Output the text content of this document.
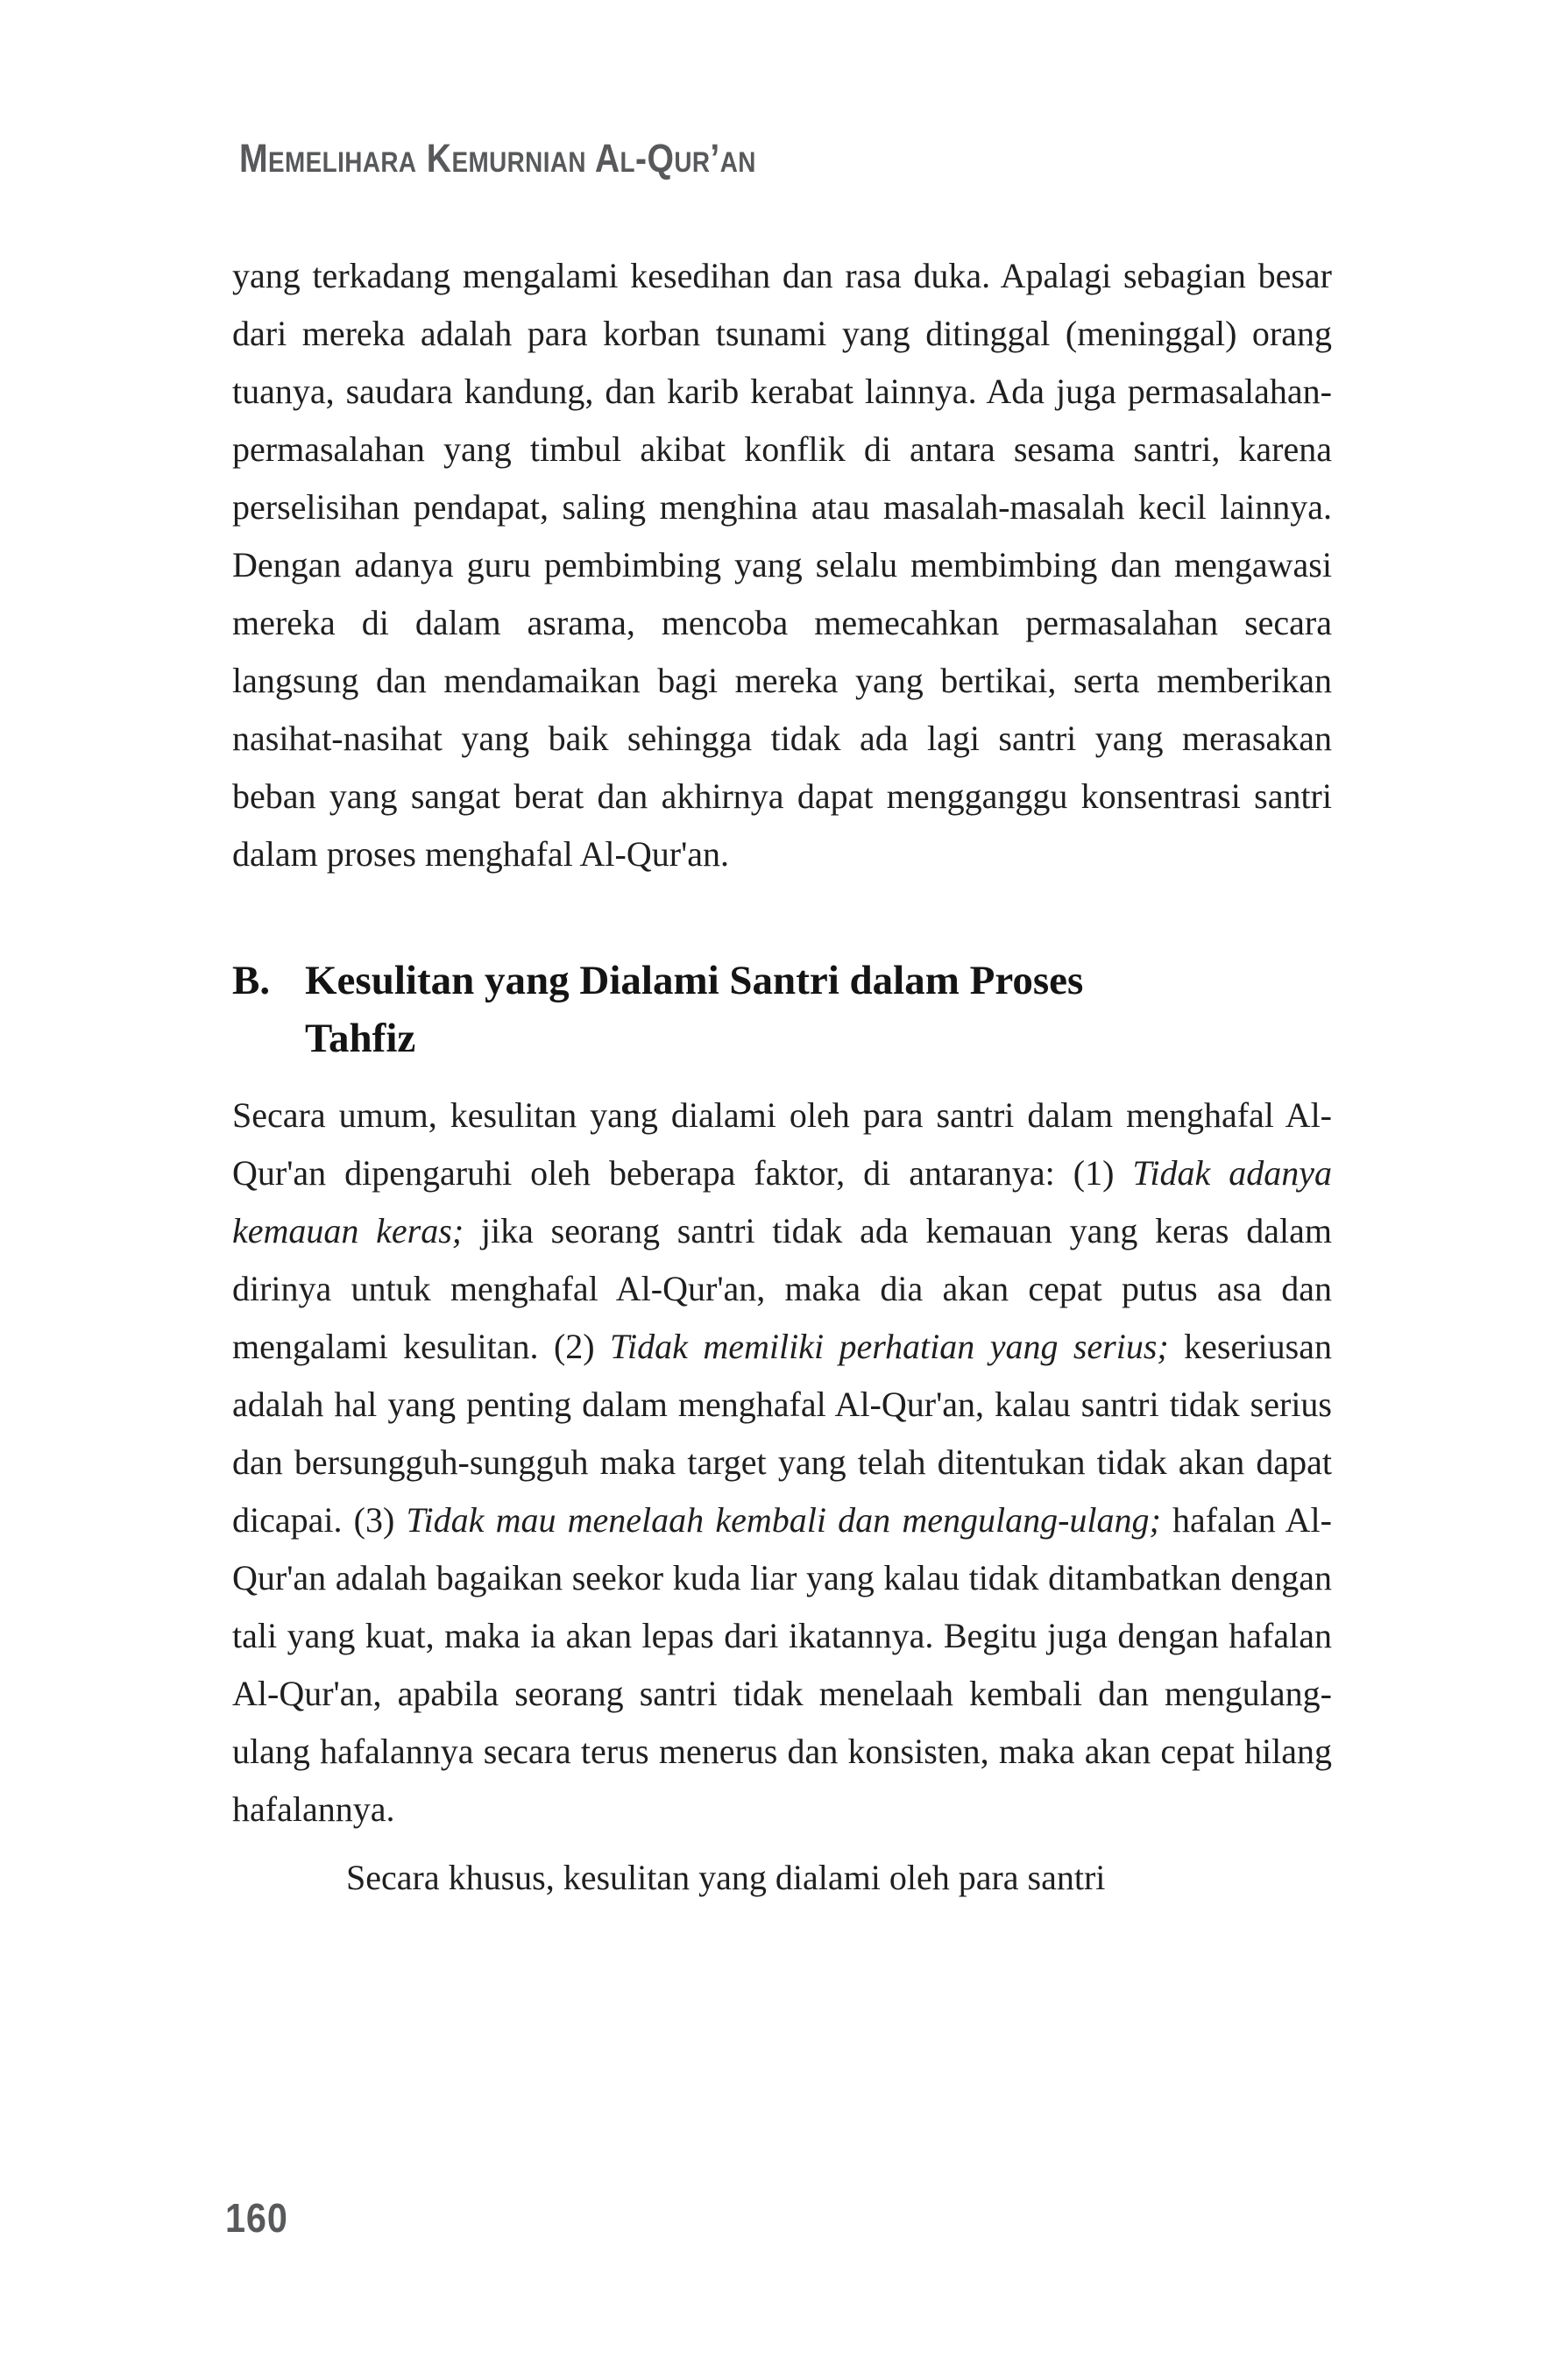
Memelihara Kemurnian Al-Qur’an

yang terkadang mengalami kesedihan dan rasa duka. Apalagi sebagian besar dari mereka adalah para korban tsunami yang ditinggal (meninggal) orang tuanya, saudara kandung, dan karib kerabat lainnya. Ada juga permasalahan-permasalahan yang timbul akibat konflik di antara sesama santri, karena perselisihan pendapat, saling menghina atau masalah-masalah kecil lainnya. Dengan adanya guru pembimbing yang selalu membimbing dan mengawasi mereka di dalam asrama, mencoba memecahkan permasalahan secara langsung dan mendamaikan bagi mereka yang bertikai, serta memberikan nasihat-nasihat yang baik sehingga tidak ada lagi santri yang merasakan beban yang sangat berat dan akhirnya dapat mengganggu konsentrasi santri dalam proses menghafal Al-Qur'an.

B. Kesulitan yang Dialami Santri dalam Proses
Tahfiz

Secara umum, kesulitan yang dialami oleh para santri dalam menghafal Al-Qur'an dipengaruhi oleh beberapa faktor, di antaranya: (1) Tidak adanya kemauan keras; jika seorang santri tidak ada kemauan yang keras dalam dirinya untuk menghafal Al-Qur'an, maka dia akan cepat putus asa dan mengalami kesulitan. (2) Tidak memiliki perhatian yang serius; keseriusan adalah hal yang penting dalam menghafal Al-Qur'an, kalau santri tidak serius dan bersungguh-sungguh maka target yang telah ditentukan tidak akan dapat dicapai. (3) Tidak mau menelaah kembali dan mengulang-ulang; hafalan Al-Qur'an adalah bagaikan seekor kuda liar yang kalau tidak ditambatkan dengan tali yang kuat, maka ia akan lepas dari ikatannya. Begitu juga dengan hafalan Al-Qur'an, apabila seorang santri tidak menelaah kembali dan mengulang-ulang hafalannya secara terus menerus dan konsisten, maka akan cepat hilang hafalannya.

Secara khusus, kesulitan yang dialami oleh para santri

160
